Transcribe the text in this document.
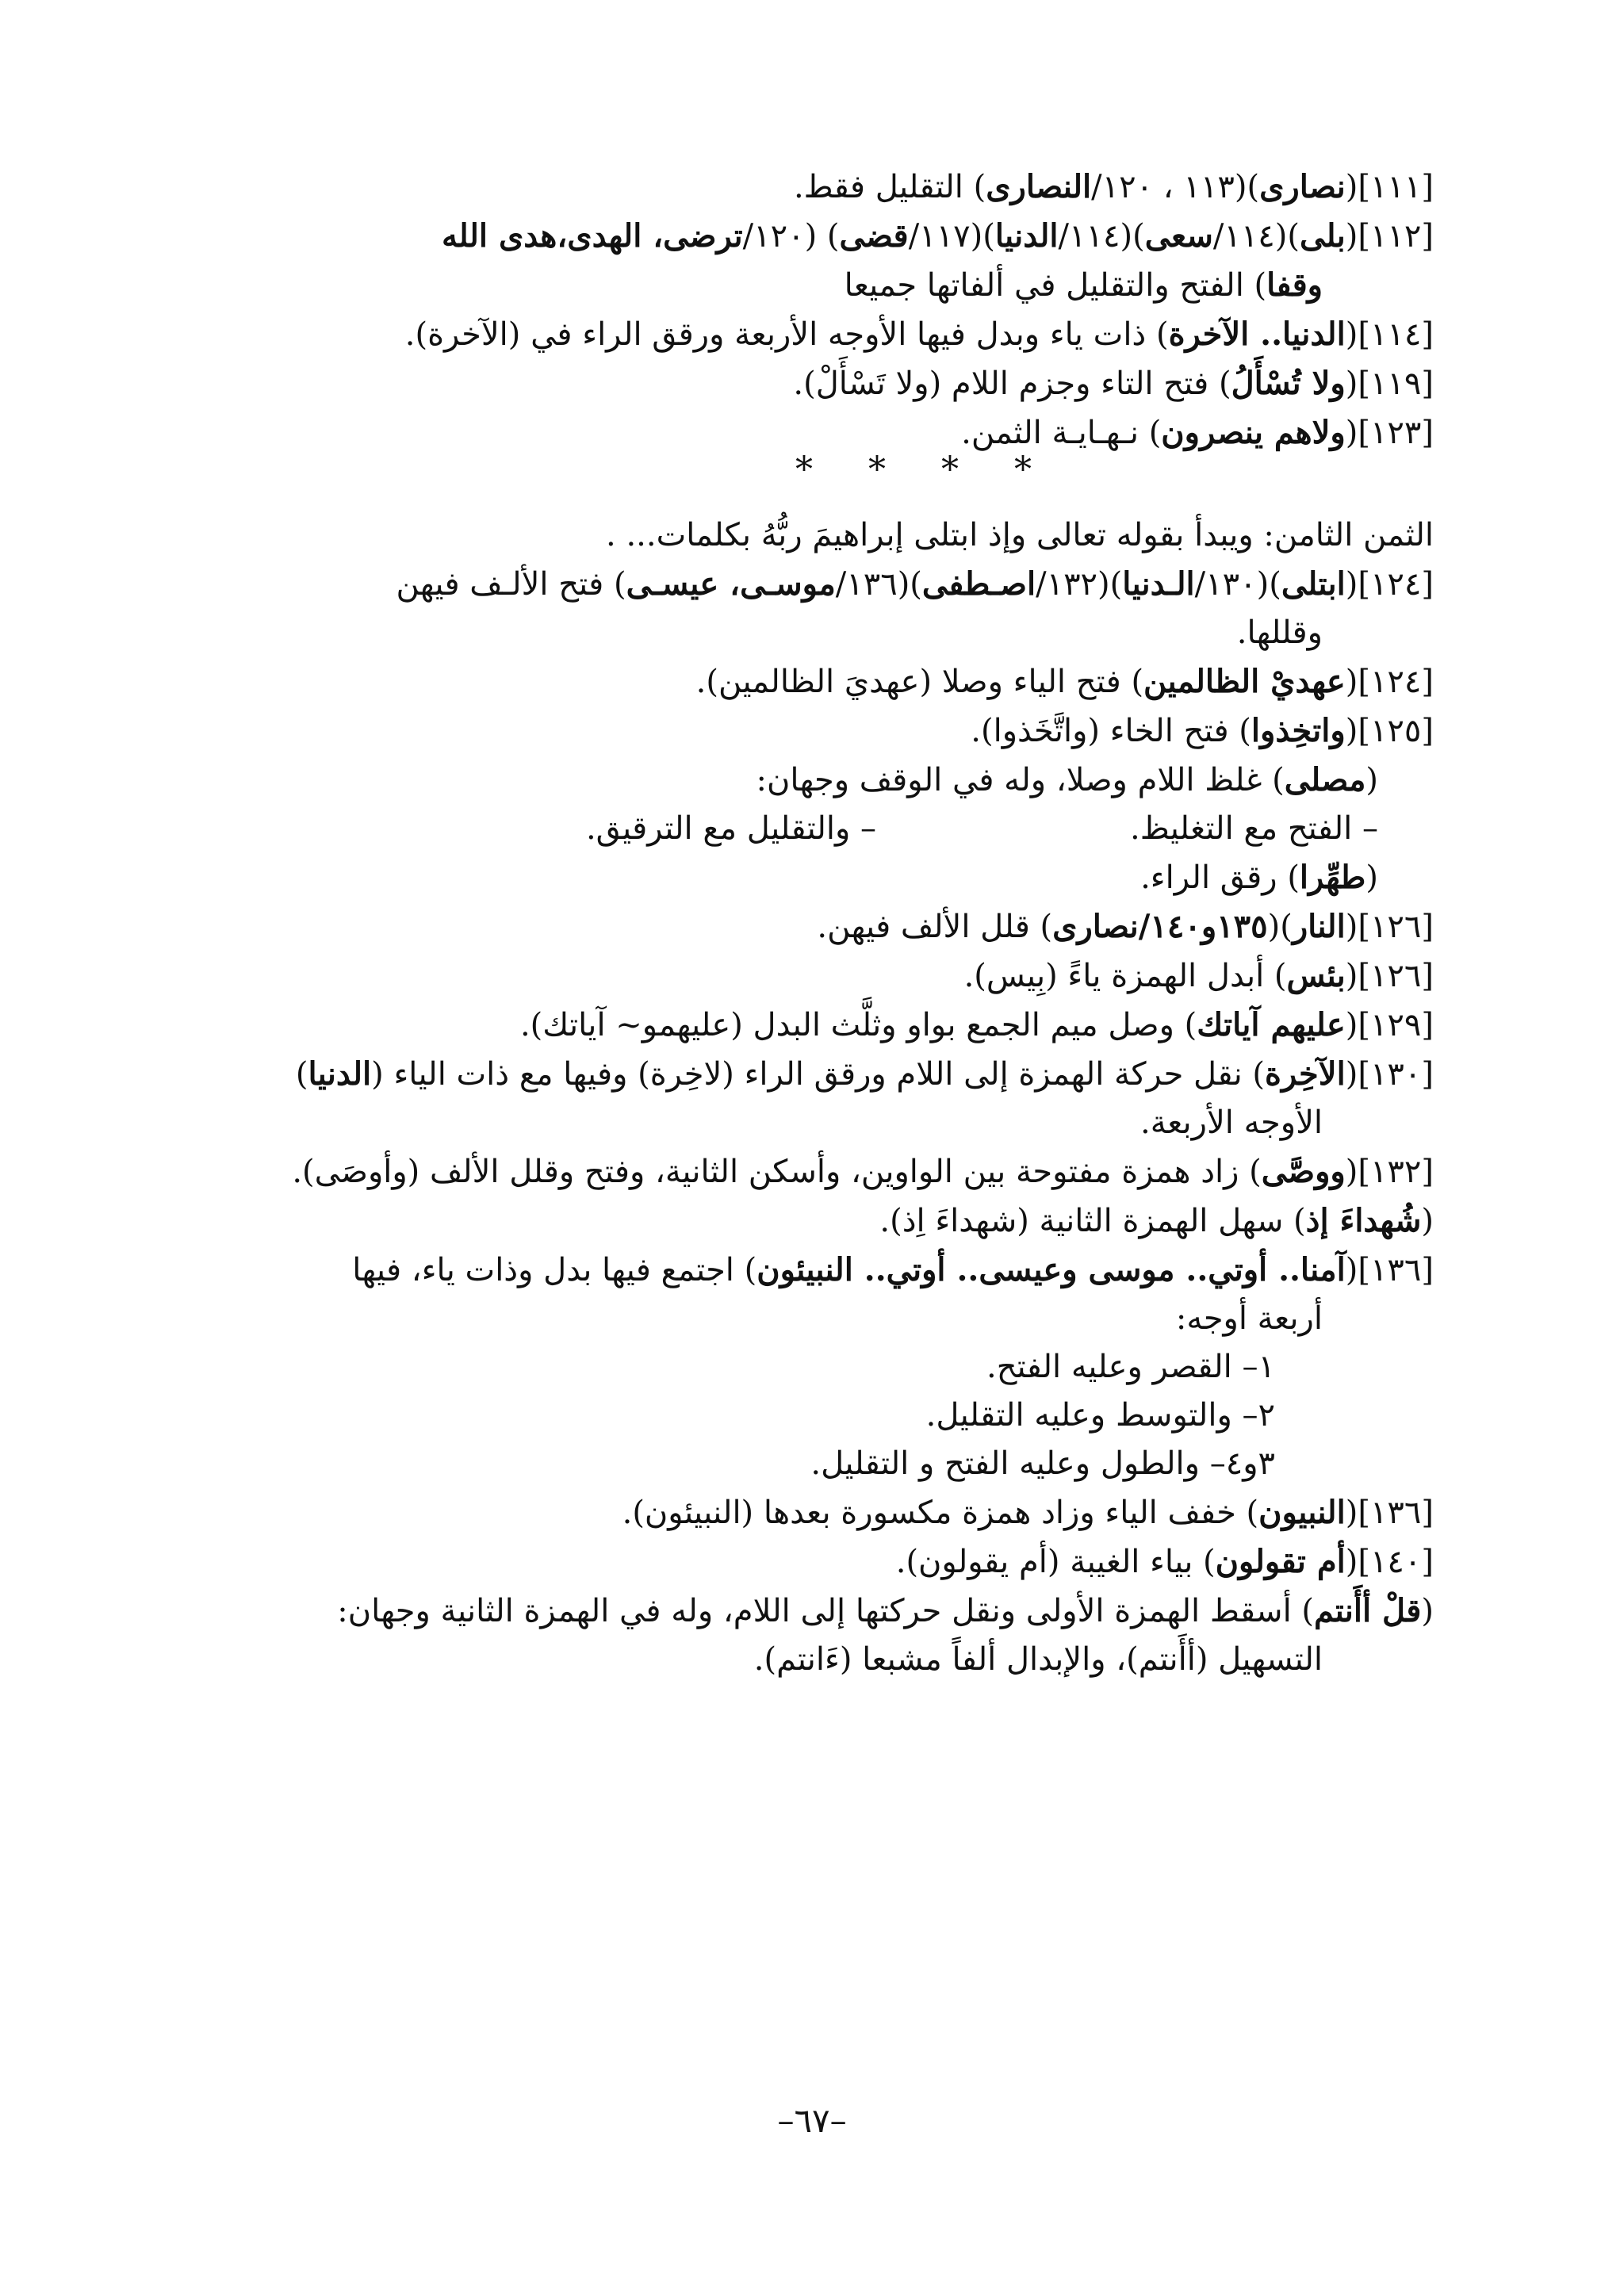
[١١١](نصارى)(١١٣ ، ١٢٠/النصارى) التقليل فقط.
[١١٢](بلى)(١١٤/سعى)(١١٤/الدنيا)(١١٧/قضى) (١٢٠/ترضى، الهدى،هدى الله
وقفا) الفتح والتقليل في ألفاتها جميعا
[١١٤](الدنيا.. الآخرة) ذات ياء وبدل فيها الأوجه الأربعة ورقق الراء في (الآخرة).
[١١٩](ولا تُسْأَلُ) فتح التاء وجزم اللام (ولا تَسْأَلْ).
[١٢٣](ولاهم ينصرون) نـهـايـة الثمن.
*
*
*
*
الثمن الثامن: ويبدأ بقوله تعالى وإذ ابتلى إبراهيمَ ربُّهُ بكلمات... .
[١٢٤](ابتلى)(١٣٠/الـدنيا)(١٣٢/اصـطفى)(١٣٦/موسـى، عيسـى) فتح الألـف فيهن
وقللها.
[١٢٤](عهديْ الظالمين) فتح الياء وصلا (عهديَ الظالمين).
[١٢٥](واتخِذوا) فتح الخاء (واتَّخَذوا).
(مصلى) غلظ اللام وصلا، وله في الوقف وجهان:
– الفتح مع التغليظ.
– والتقليل مع الترقيق.
(طهِّرا) رقق الراء.
[١٢٦](النار)(١٣٥و١٤٠/نصارى) قلل الألف فيهن.
[١٢٦](بئس) أبدل الهمزة ياءً (بِيس).
[١٢٩](عليهم آياتك) وصل ميم الجمع بواو وثلَّث البدل (عليهمو~ آياتك).
[١٣٠](الآخِرة) نقل حركة الهمزة إلى اللام ورقق الراء (لاخِرة) وفيها مع ذات الياء (الدنيا)
الأوجه الأربعة.
[١٣٢](ووصَّى) زاد همزة مفتوحة بين الواوين، وأسكن الثانية، وفتح وقلل الألف (وأوصَى).
(شُهداءَ إذ) سهل الهمزة الثانية (شهداءَ اِذ).
[١٣٦](آمنا.. أوتي.. موسى وعيسى.. أوتي.. النبيئون) اجتمع فيها بدل وذات ياء، فيها
أربعة أوجه:
١– القصر وعليه الفتح.
٢– والتوسط وعليه التقليل.
٣و٤– والطول وعليه الفتح و التقليل.
[١٣٦](النبيون) خفف الياء وزاد همزة مكسورة بعدها (النبيئون).
[١٤٠](أم تقولون) بياء الغيبة (أم يقولون).
(قلْ أأَنتم) أسقط الهمزة الأولى ونقل حركتها إلى اللام، وله في الهمزة الثانية وجهان:
التسهيل (أأَنتم)، والإبدال ألفاً مشبعا (ءَانتم).
–٦٧–
